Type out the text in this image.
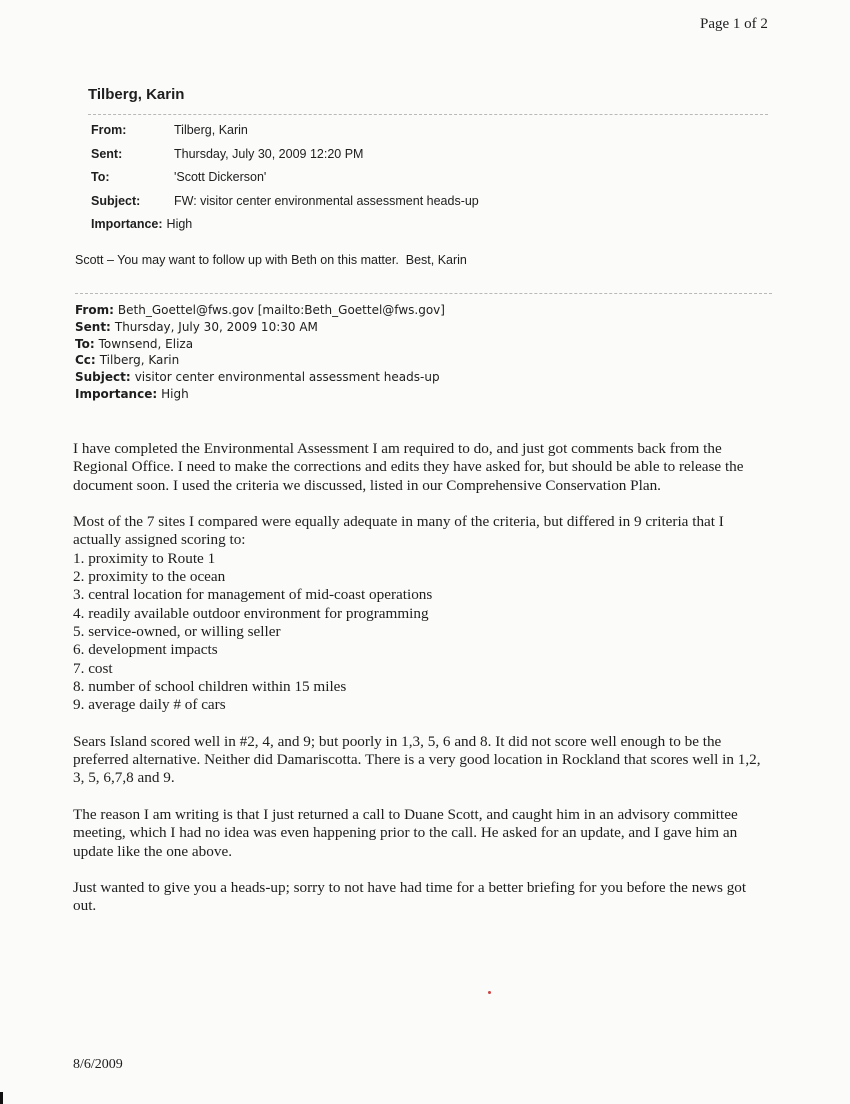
Page 1 of 2
Tilberg, Karin
From:	Tilberg, Karin
Sent:	Thursday, July 30, 2009 12:20 PM
To:	'Scott Dickerson'
Subject:	FW: visitor center environmental assessment heads-up
Importance: High
Scott – You may want to follow up with Beth on this matter.  Best, Karin
From: Beth_Goettel@fws.gov [mailto:Beth_Goettel@fws.gov]
Sent: Thursday, July 30, 2009 10:30 AM
To: Townsend, Eliza
Cc: Tilberg, Karin
Subject: visitor center environmental assessment heads-up
Importance: High

I have completed the Environmental Assessment I am required to do, and just got comments back from the Regional Office. I need to make the corrections and edits they have asked for, but should be able to release the document soon. I used the criteria we discussed, listed in our Comprehensive Conservation Plan.

Most of the 7 sites I compared were equally adequate in many of the criteria, but differed in 9 criteria that I actually assigned scoring to:
1. proximity to Route 1
2. proximity to the ocean
3. central location for management of mid-coast operations
4. readily available outdoor environment for programming
5. service-owned, or willing seller
6. development impacts
7. cost
8. number of school children within 15 miles
9. average daily # of cars

Sears Island scored well in #2, 4, and 9; but poorly in 1,3, 5, 6 and 8. It did not score well enough to be the preferred alternative. Neither did Damariscotta. There is a very good location in Rockland that scores well in 1,2, 3, 5, 6,7,8 and 9.

The reason I am writing is that I just returned a call to Duane Scott, and caught him in an advisory committee meeting, which I had no idea was even happening prior to the call. He asked for an update, and I gave him an update like the one above.

Just wanted to give you a heads-up; sorry to not have had time for a better briefing for you before the news got out.

8/6/2009
